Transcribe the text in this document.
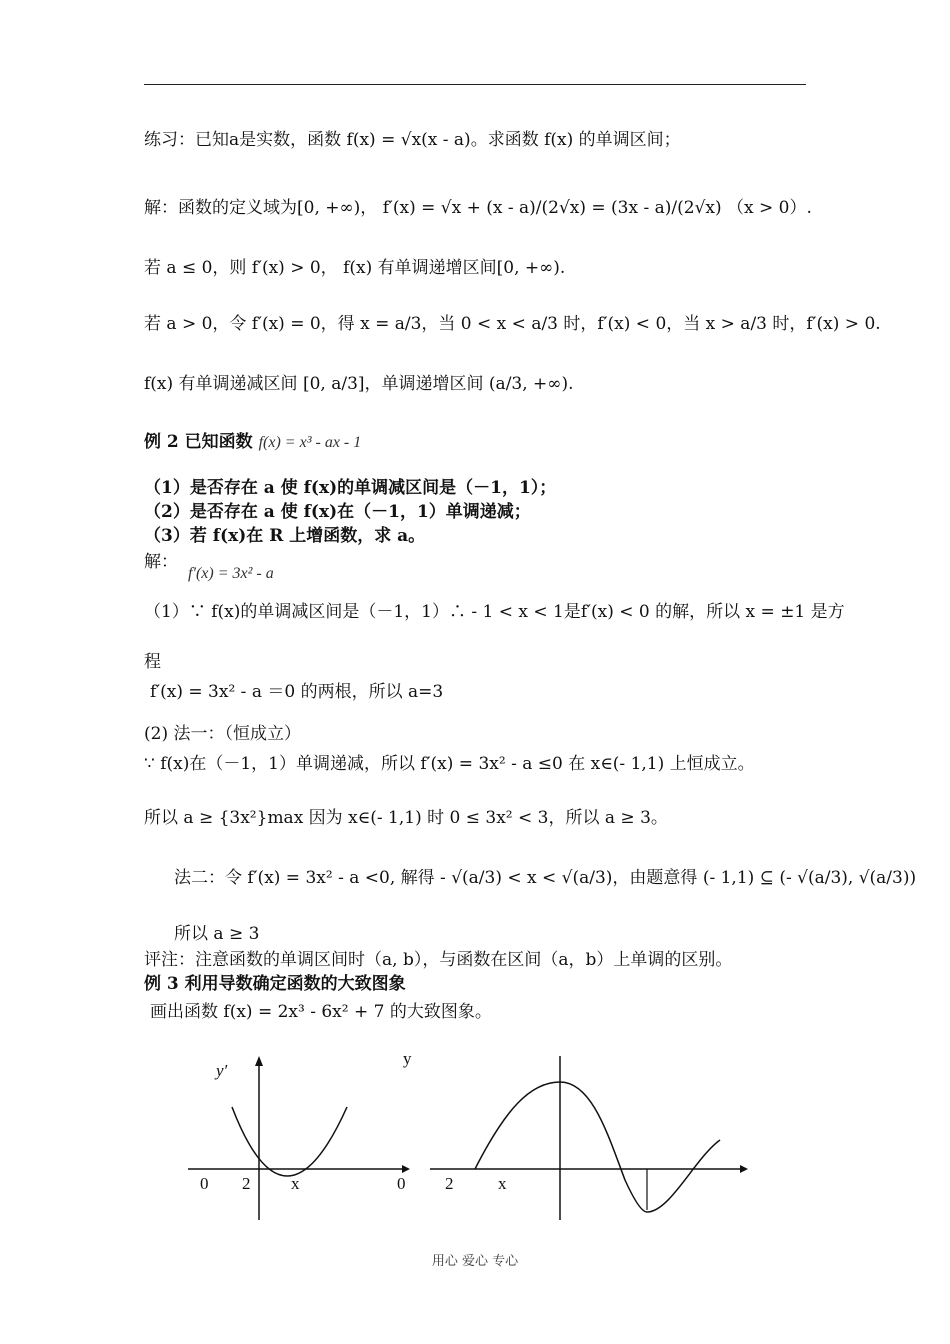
练习：已知a是实数，函数 f(x) = √x(x - a)。求函数 f(x) 的单调区间；
解：函数的定义域为[0, +∞)， f′(x) = √x + (x - a)/(2√x) = (3x - a)/(2√x) （x > 0）.
若 a ≤ 0，则 f′(x) > 0， f(x) 有单调递增区间[0, +∞).
若 a > 0，令 f′(x) = 0，得 x = a/3，当 0 < x < a/3 时，f′(x) < 0，当 x > a/3 时，f′(x) > 0.
f(x) 有单调递减区间 [0, a/3]，单调递增区间 (a/3, +∞).
例 2 已知函数 f(x) = x³ - ax - 1
（1）是否存在 a 使 f(x)的单调减区间是（－1，1）；
（2）是否存在 a 使 f(x)在（－1，1）单调递减；
（3）若 f(x)在 R 上增函数，求 a。
解：
f′(x) = 3x² - a
（1）∵ f(x)的单调减区间是（－1，1）∴ - 1 < x < 1是f′(x) < 0 的解，所以 x = ±1 是方
程
f′(x) = 3x² - a ＝0 的两根，所以 a=3
(2) 法一：（恒成立）
∵ f(x)在（－1，1）单调递减，所以 f′(x) = 3x² - a ≤0 在 x∈(- 1,1) 上恒成立。
所以 a ≥ {3x²}max 因为 x∈(- 1,1) 时 0 ≤ 3x² < 3，所以 a ≥ 3。
法二：令 f′(x) = 3x² - a <0, 解得 - √(a/3) < x < √(a/3)，由题意得 (- 1,1) ⊆ (- √(a/3), √(a/3))
所以 a ≥ 3
评注：注意函数的单调区间时（a, b），与函数在区间（a，b）上单调的区别。
例 3 利用导数确定函数的大致图象
画出函数 f(x) = 2x³ - 6x² + 7 的大致图象。
y′
0 2 x
y
0 2	x
用心 爱心 专心
